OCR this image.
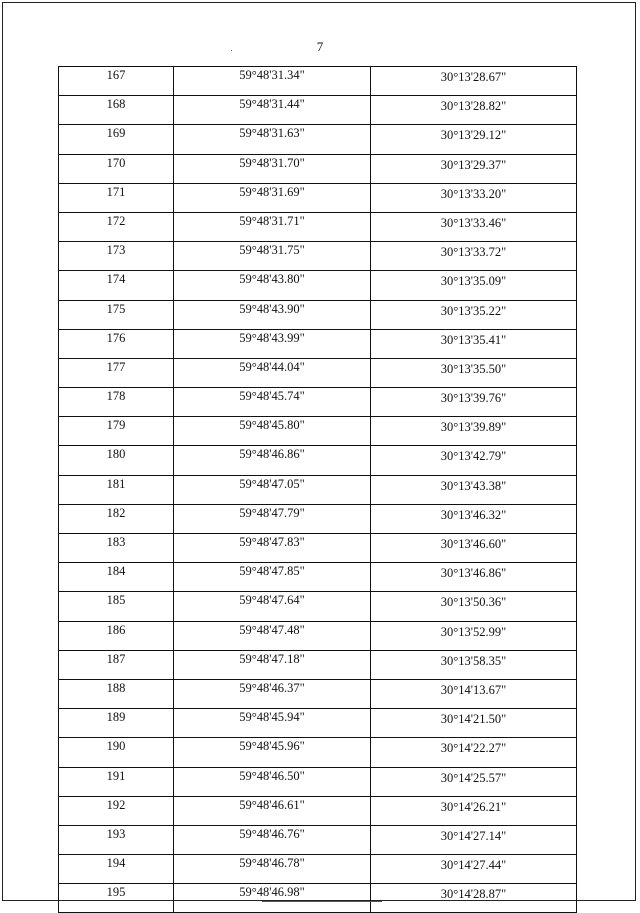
7
167	59°48'31.34"	30°13'28.67"
168	59°48'31.44"	30°13'28.82"
169	59°48'31.63"	30°13'29.12"
170	59°48'31.70"	30°13'29.37"
171	59°48'31.69"	30°13'33.20"
172	59°48'31.71"	30°13'33.46"
173	59°48'31.75"	30°13'33.72"
174	59°48'43.80"	30°13'35.09"
175	59°48'43.90"	30°13'35.22"
176	59°48'43.99"	30°13'35.41"
177	59°48'44.04"	30°13'35.50"
178	59°48'45.74"	30°13'39.76"
179	59°48'45.80"	30°13'39.89"
180	59°48'46.86"	30°13'42.79"
181	59°48'47.05"	30°13'43.38"
182	59°48'47.79"	30°13'46.32"
183	59°48'47.83"	30°13'46.60"
184	59°48'47.85"	30°13'46.86"
185	59°48'47.64"	30°13'50.36"
186	59°48'47.48"	30°13'52.99"
187	59°48'47.18"	30°13'58.35"
188	59°48'46.37"	30°14'13.67"
189	59°48'45.94"	30°14'21.50"
190	59°48'45.96"	30°14'22.27"
191	59°48'46.50"	30°14'25.57"
192	59°48'46.61"	30°14'26.21"
193	59°48'46.76"	30°14'27.14"
194	59°48'46.78"	30°14'27.44"
195	59°48'46.98"	30°14'28.87"
